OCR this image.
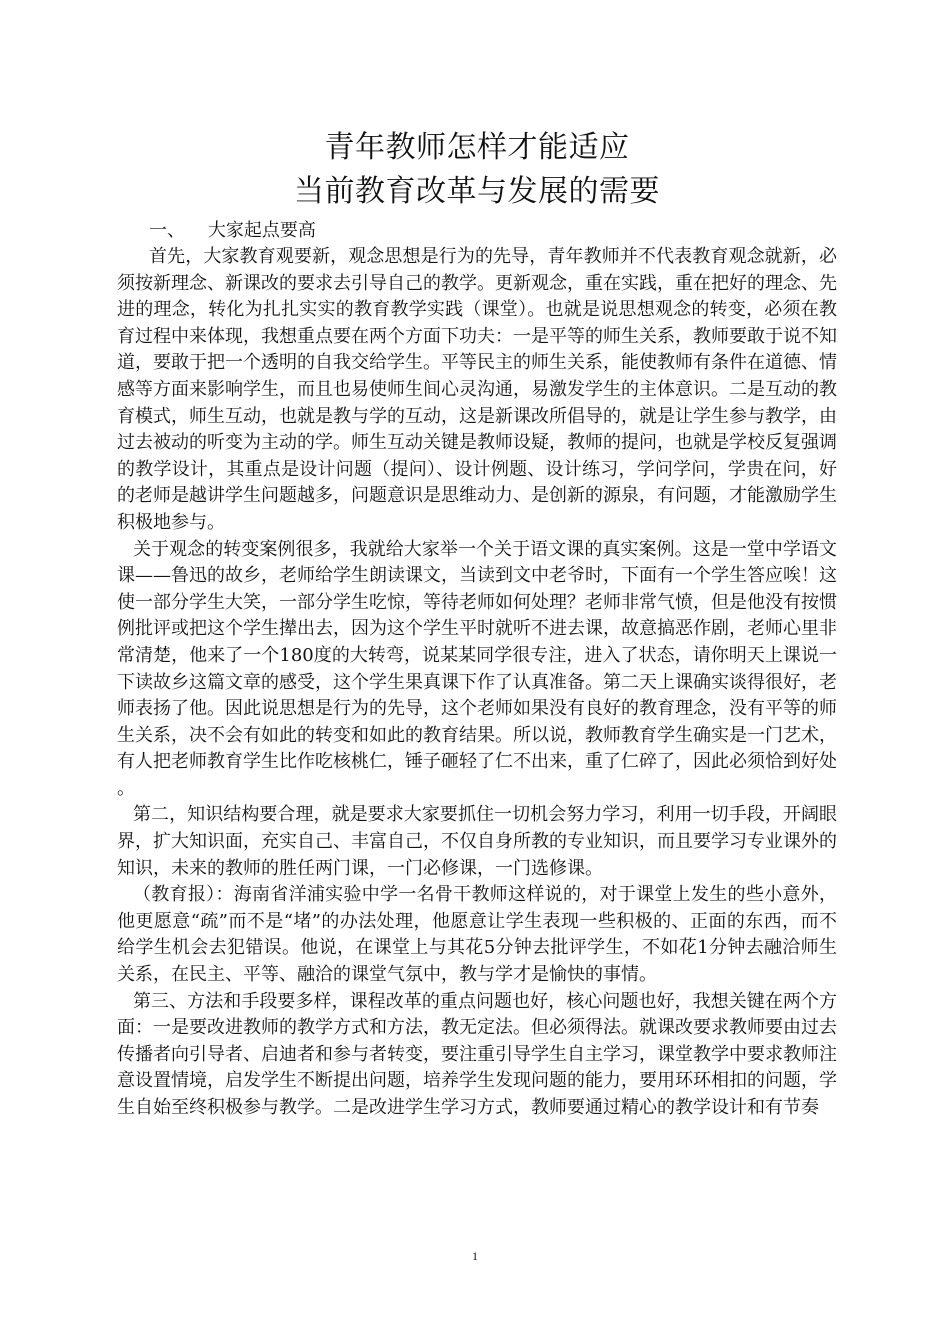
青年教师怎样才能适应
当前教育改革与发展的需要
一、    大家起点要高

首先，大家教育观要新，观念思想是行为的先导，青年教师并不代表教育观念就新，必须按新理念、新课改的要求去引导自己的教学。更新观念，重在实践，重在把好的理念、先进的理念，转化为扎扎实实的教育教学实践（课堂）。也就是说思想观念的转变，必须在教育过程中来体现，我想重点要在两个方面下功夫：一是平等的师生关系，教师要敢于说不知道，要敢于把一个透明的自我交给学生。平等民主的师生关系，能使教师有条件在道德、情感等方面来影响学生，而且也易使师生间心灵沟通，易激发学生的主体意识。二是互动的教育模式，师生互动，也就是教与学的互动，这是新课改所倡导的，就是让学生参与教学，由过去被动的听变为主动的学。师生互动关键是教师设疑，教师的提问，也就是学校反复强调的教学设计，其重点是设计问题（提问）、设计例题、设计练习，学问学问，学贵在问，好的老师是越讲学生问题越多，问题意识是思维动力、是创新的源泉，有问题，才能激励学生积极地参与。

关于观念的转变案例很多，我就给大家举一个关于语文课的真实案例。这是一堂中学语文课——鲁迅的故乡，老师给学生朗读课文，当读到文中老爷时，下面有一个学生答应唉！这使一部分学生大笑，一部分学生吃惊，等待老师如何处理？老师非常气愤，但是他没有按惯例批评或把这个学生撵出去，因为这个学生平时就听不进去课，故意搞恶作剧，老师心里非常清楚，他来了一个180度的大转弯，说某某同学很专注，进入了状态，请你明天上课说一下读故乡这篇文章的感受，这个学生果真课下作了认真准备。第二天上课确实谈得很好，老师表扬了他。因此说思想是行为的先导，这个老师如果没有良好的教育理念，没有平等的师生关系，决不会有如此的转变和如此的教育结果。所以说，教师教育学生确实是一门艺术，有人把老师教育学生比作吃核桃仁，锤子砸轻了仁不出来，重了仁碎了，因此必须恰到好处。

第二，知识结构要合理，就是要求大家要抓住一切机会努力学习，利用一切手段，开阔眼界，扩大知识面，充实自己、丰富自己，不仅自身所教的专业知识，而且要学习专业课外的知识，未来的教师的胜任两门课，一门必修课，一门选修课。

（教育报）：海南省洋浦实验中学一名骨干教师这样说的，对于课堂上发生的些小意外，他更愿意“疏”而不是“堵”的办法处理，他愿意让学生表现一些积极的、正面的东西，而不给学生机会去犯错误。他说，在课堂上与其花5分钟去批评学生，不如花1分钟去融洽师生关系，在民主、平等、融洽的课堂气氛中，教与学才是愉快的事情。

第三、方法和手段要多样，课程改革的重点问题也好，核心问题也好，我想关键在两个方面：一是要改进教师的教学方式和方法，教无定法。但必须得法。就课改要求教师要由过去传播者向引导者、启迪者和参与者转变，要注重引导学生自主学习，课堂教学中要求教师注意设置情境，启发学生不断提出问题，培养学生发现问题的能力，要用环环相扣的问题，学生自始至终积极参与教学。二是改进学生学习方式，教师要通过精心的教学设计和有节奏

1
